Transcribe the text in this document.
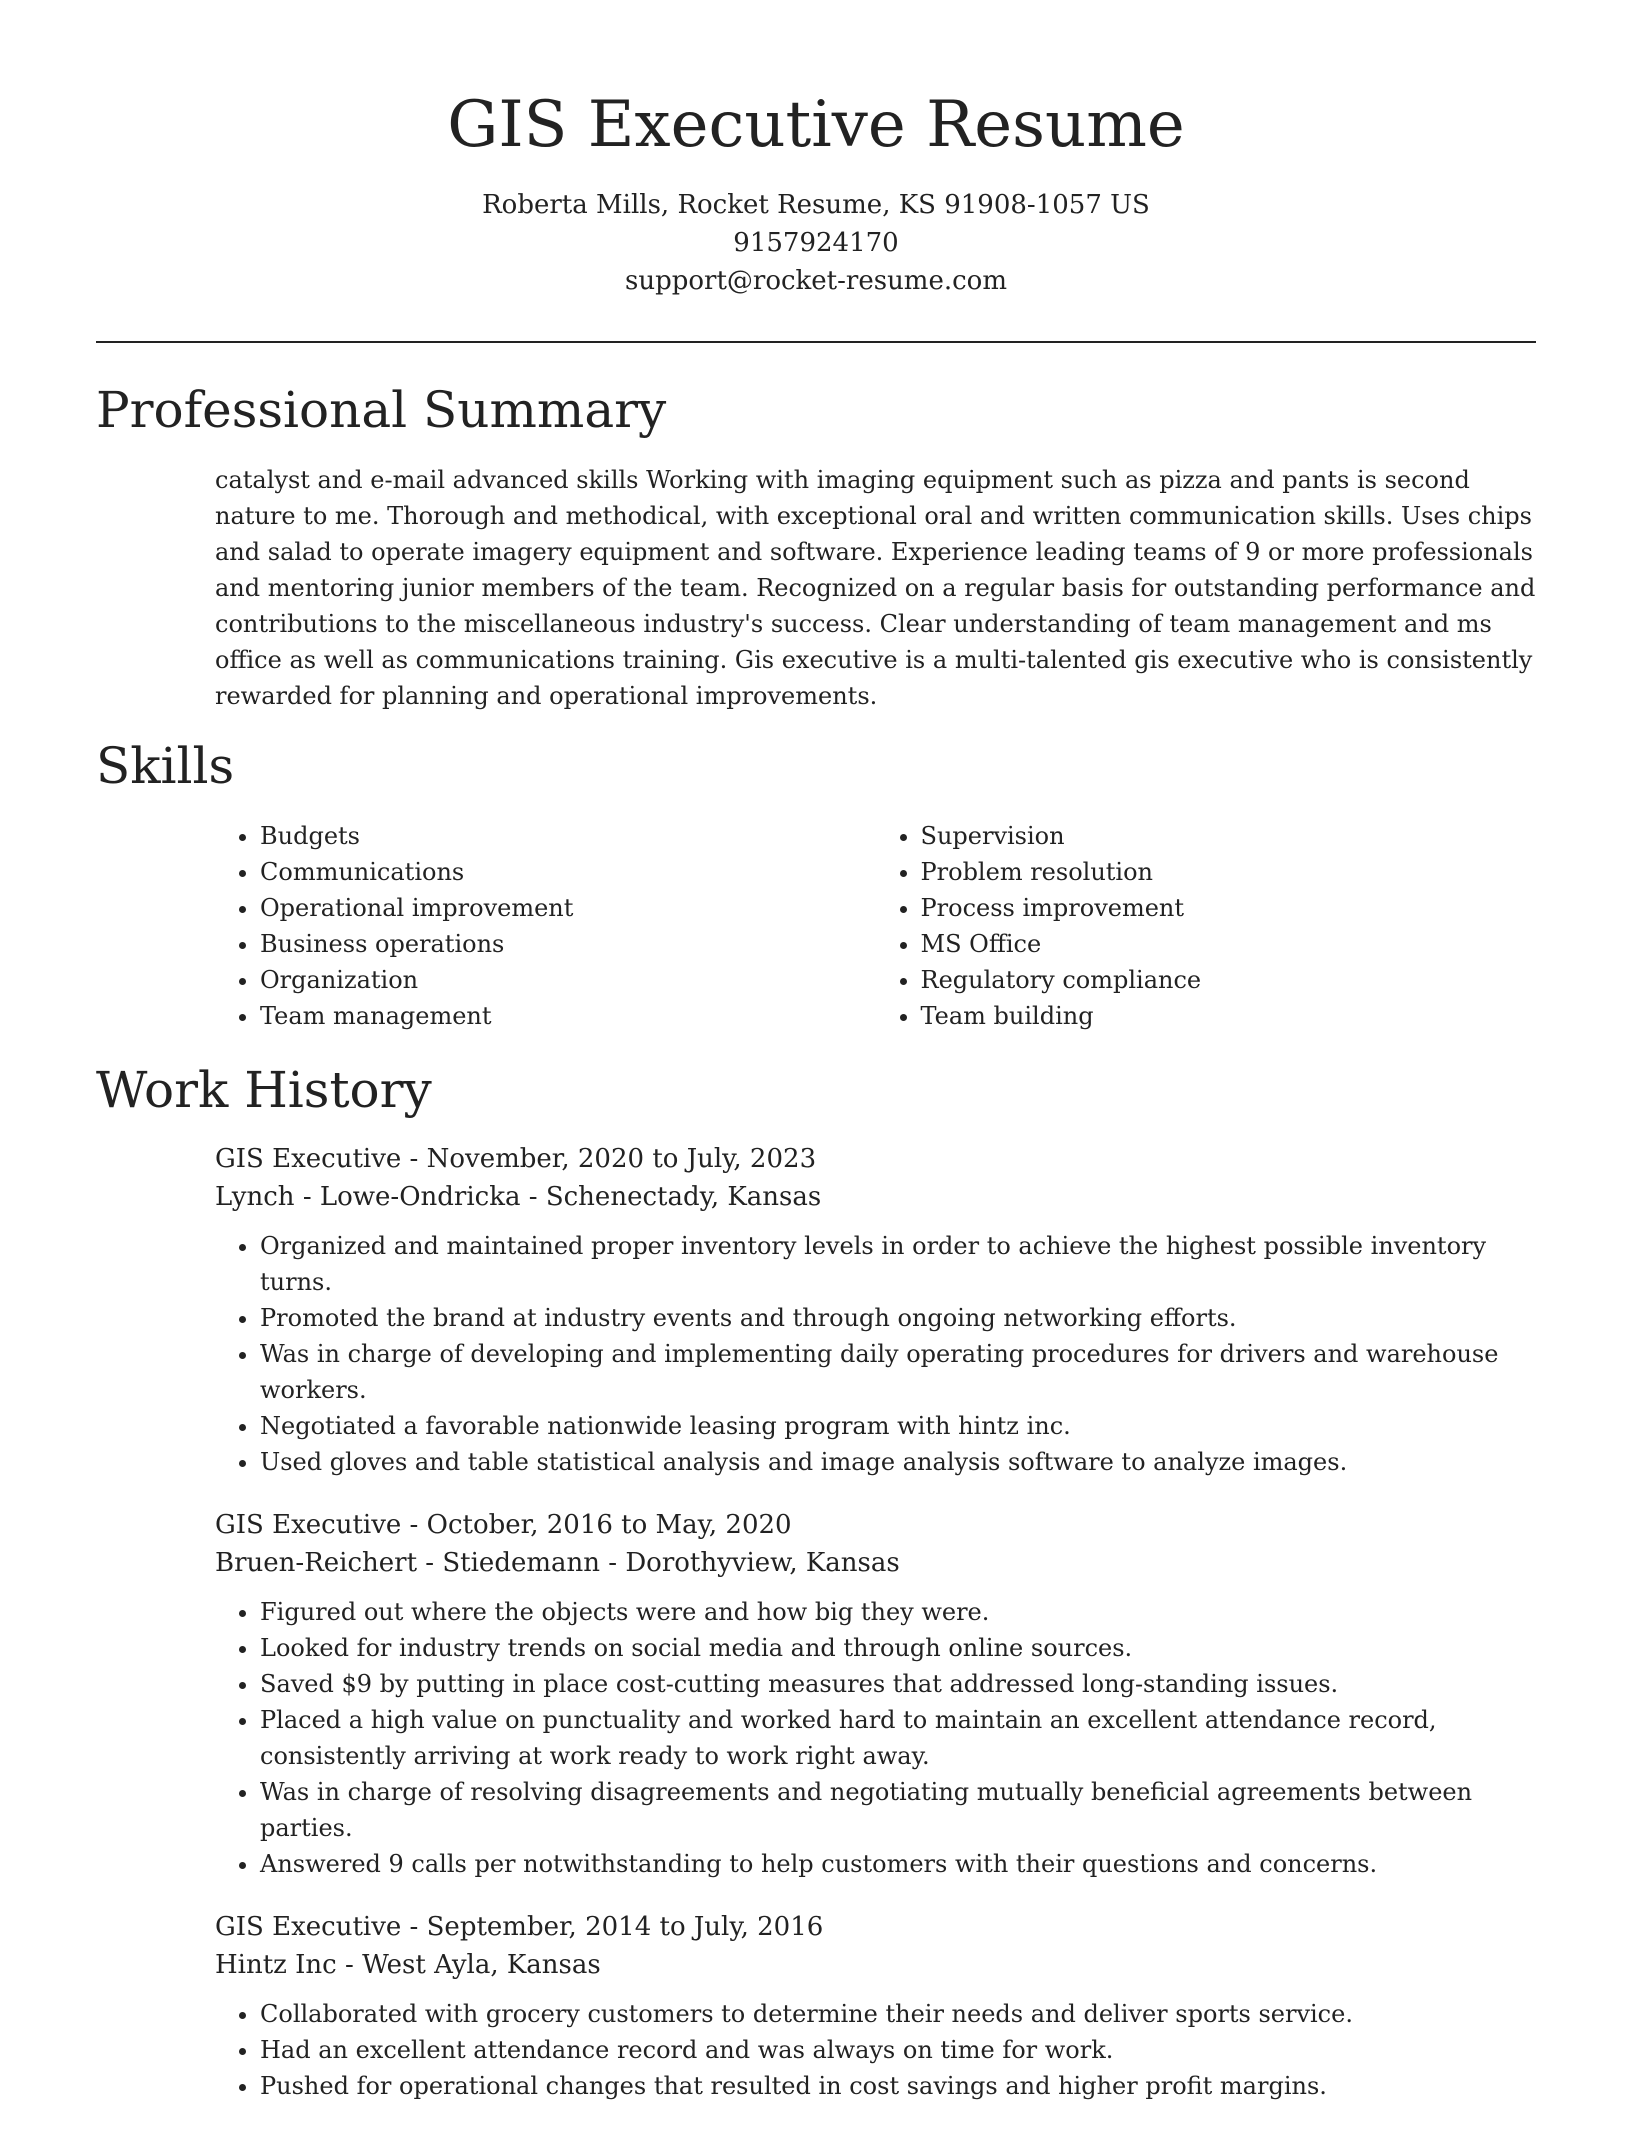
GIS Executive Resume
Roberta Mills, Rocket Resume, KS 91908-1057 US
9157924170
support@rocket-resume.com
Professional Summary

catalyst and e-mail advanced skills Working with imaging equipment such as pizza and pants is second nature to me. Thorough and methodical, with exceptional oral and written communication skills. Uses chips and salad to operate imagery equipment and software. Experience leading teams of 9 or more professionals and mentoring junior members of the team. Recognized on a regular basis for outstanding performance and contributions to the miscellaneous industry's success. Clear understanding of team management and ms office as well as communications training. Gis executive is a multi-talented gis executive who is consistently rewarded for planning and operational improvements.

Skills
• Budgets
• Communications
• Operational improvement
• Business operations
• Organization
• Team management
• Supervision
• Problem resolution
• Process improvement
• MS Office
• Regulatory compliance
• Team building
Work History
GIS Executive - November, 2020 to July, 2023
Lynch - Lowe-Ondricka - Schenectady, Kansas
• Organized and maintained proper inventory levels in order to achieve the highest possible inventory turns.
• Promoted the brand at industry events and through ongoing networking efforts.
• Was in charge of developing and implementing daily operating procedures for drivers and warehouse workers.
• Negotiated a favorable nationwide leasing program with hintz inc.
• Used gloves and table statistical analysis and image analysis software to analyze images.
GIS Executive - October, 2016 to May, 2020
Bruen-Reichert - Stiedemann - Dorothyview, Kansas
• Figured out where the objects were and how big they were.
• Looked for industry trends on social media and through online sources.
• Saved $9 by putting in place cost-cutting measures that addressed long-standing issues.
• Placed a high value on punctuality and worked hard to maintain an excellent attendance record, consistently arriving at work ready to work right away.
• Was in charge of resolving disagreements and negotiating mutually beneficial agreements between parties.
• Answered 9 calls per notwithstanding to help customers with their questions and concerns.
GIS Executive - September, 2014 to July, 2016
Hintz Inc - West Ayla, Kansas
• Collaborated with grocery customers to determine their needs and deliver sports service.
• Had an excellent attendance record and was always on time for work.
• Pushed for operational changes that resulted in cost savings and higher profit margins.
